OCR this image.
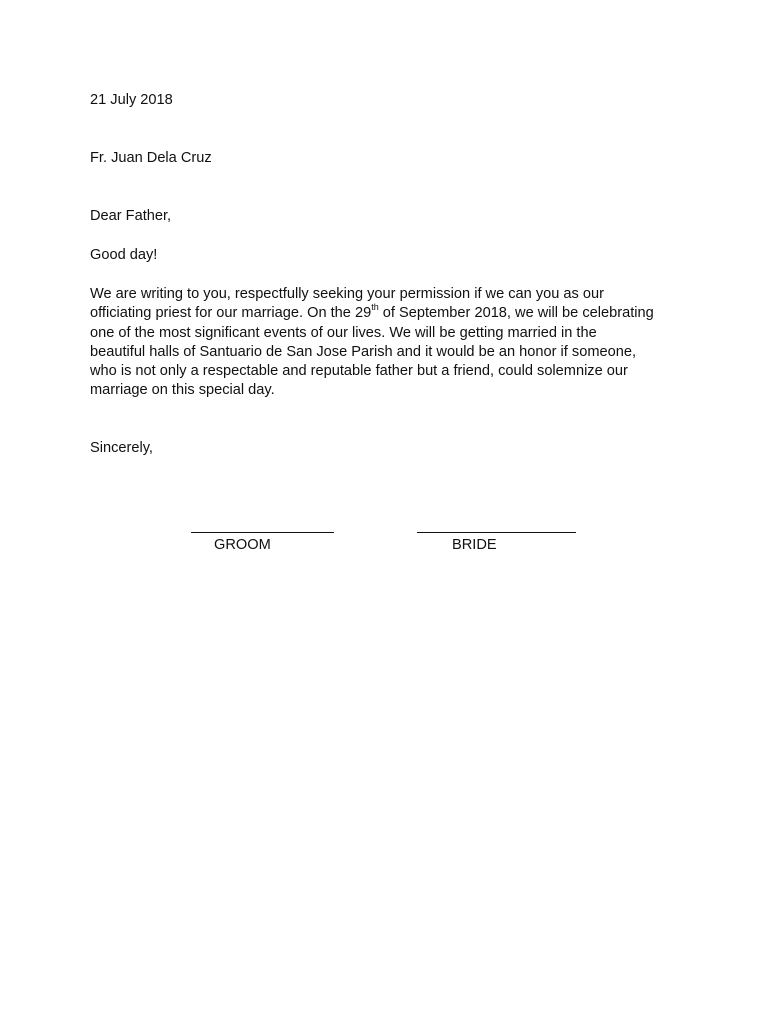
21 July 2018

Fr. Juan Dela Cruz

Dear Father,

Good day!

We are writing to you, respectfully seeking your permission if we can you as our
officiating priest for our marriage. On the 29th of September 2018, we will be celebrating
one of the most significant events of our lives. We will be getting married in the
beautiful halls of Santuario de San Jose Parish and it would be an honor if someone,
who is not only a respectable and reputable father but a friend, could solemnize our
marriage on this special day.

Sincerely,

GROOM	BRIDE
